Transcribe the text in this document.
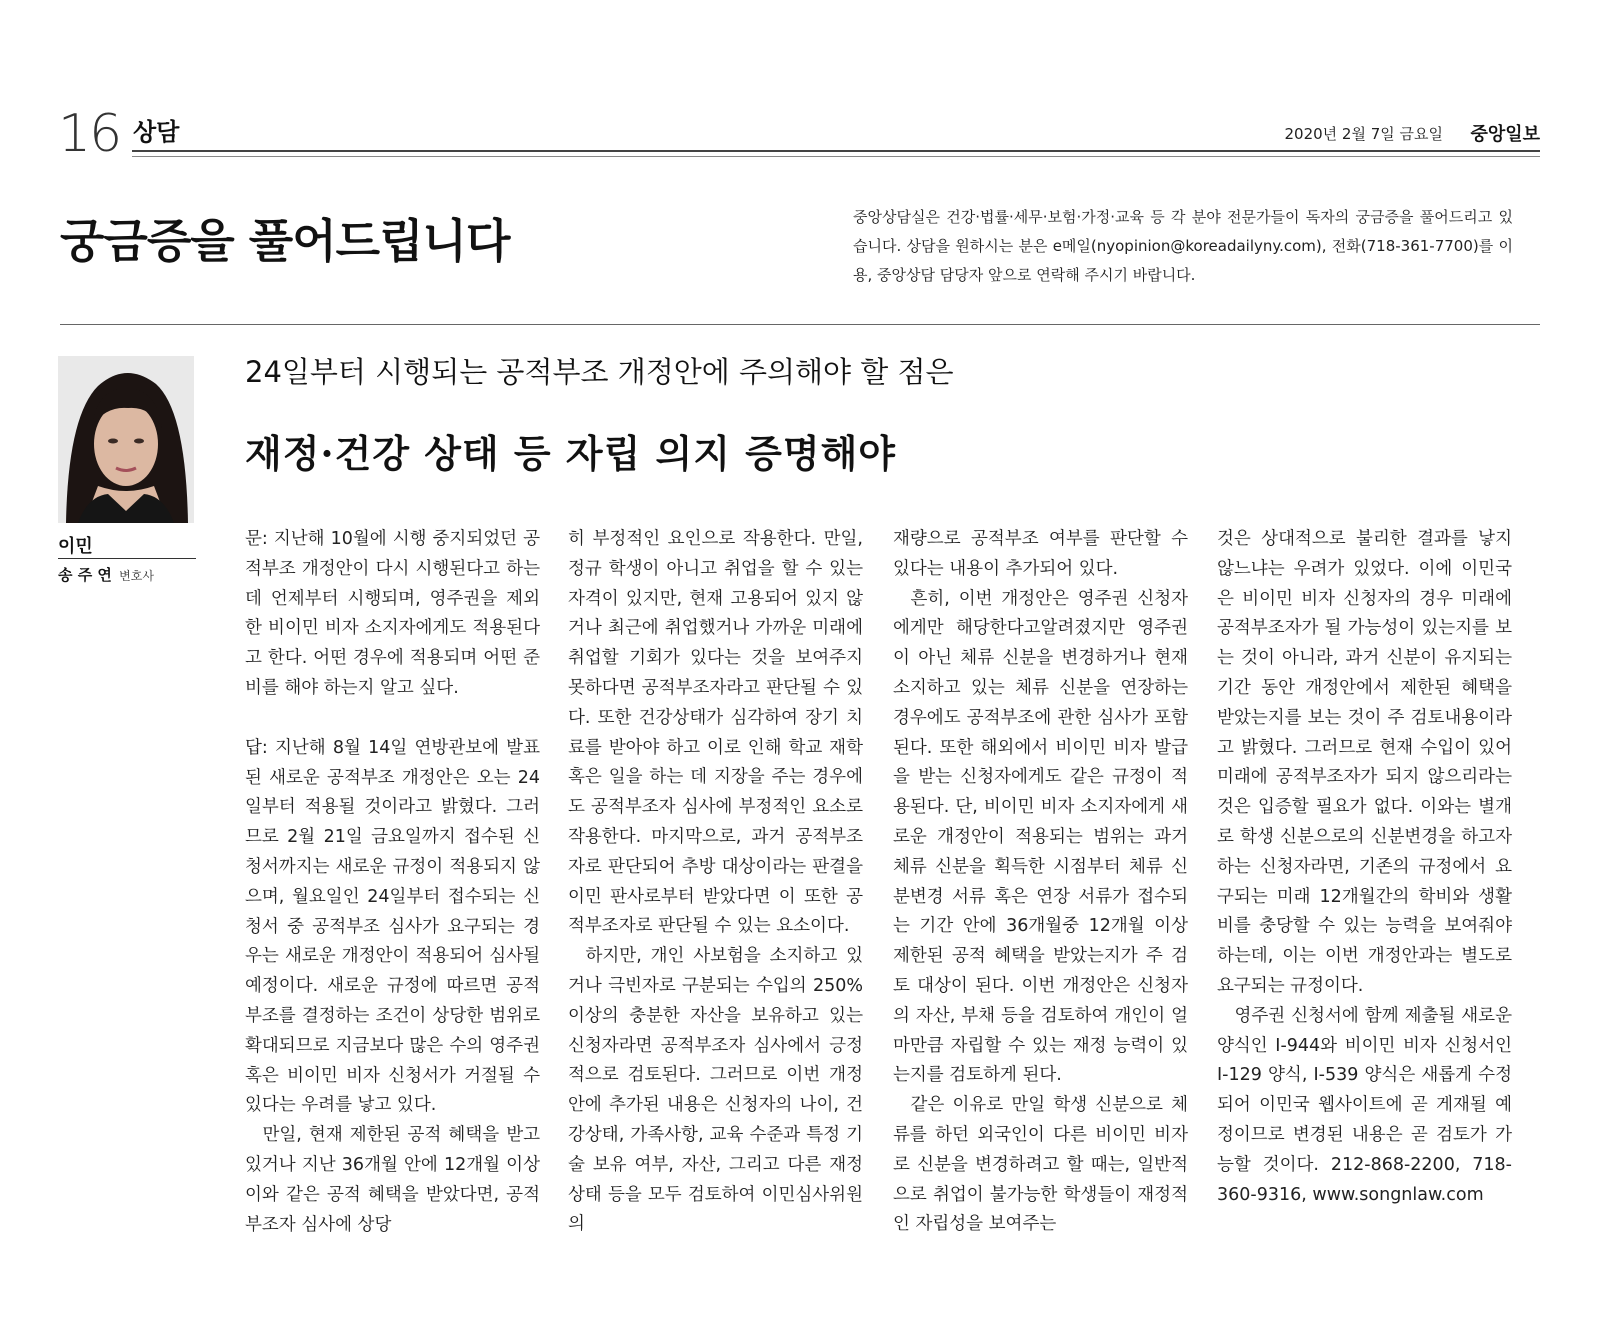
16 상담	2020년 2월 7일 금요일 중앙일보
궁금증을 풀어드립니다	중앙상담실은 건강·법률·세무·보험·가정·교육 등 각 분야 전문가들이 독자의 궁금증을 풀어드리고 있습니다. 상담을 원하시는 분은 e메일(nyopinion@koreadailyny.com), 전화(718-361-7700)를 이용, 중앙상담 담당자 앞으로 연락해 주시기 바랍니다.
이민
송 주 연 변호사
24일부터 시행되는 공적부조 개정안에 주의해야 할 점은
재정·건강 상태 등 자립 의지 증명해야

문: 지난해 10월에 시행 중지되었던 공적부조 개정안이 다시 시행된다고 하는데 언제부터 시행되며, 영주권을 제외한 비이민 비자 소지자에게도 적용된다고 한다. 어떤 경우에 적용되며 어떤 준비를 해야 하는지 알고 싶다.

답: 지난해 8월 14일 연방관보에 발표된 새로운 공적부조 개정안은 오는 24일부터 적용될 것이라고 밝혔다. 그러므로 2월 21일 금요일까지 접수된 신청서까지는 새로운 규정이 적용되지 않으며, 월요일인 24일부터 접수되는 신청서 중 공적부조 심사가 요구되는 경우는 새로운 개정안이 적용되어 심사될 예정이다. 새로운 규정에 따르면 공적부조를 결정하는 조건이 상당한 범위로 확대되므로 지금보다 많은 수의 영주권 혹은 비이민 비자 신청서가 거절될 수 있다는 우려를 낳고 있다.

만일, 현재 제한된 공적 혜택을 받고 있거나 지난 36개월 안에 12개월 이상 이와 같은 공적 혜택을 받았다면, 공적부조자 심사에 상당

히 부정적인 요인으로 작용한다. 만일, 정규 학생이 아니고 취업을 할 수 있는 자격이 있지만, 현재 고용되어 있지 않거나 최근에 취업했거나 가까운 미래에 취업할 기회가 있다는 것을 보여주지 못하다면 공적부조자라고 판단될 수 있다. 또한 건강상태가 심각하여 장기 치료를 받아야 하고 이로 인해 학교 재학 혹은 일을 하는 데 지장을 주는 경우에도 공적부조자 심사에 부정적인 요소로 작용한다. 마지막으로, 과거 공적부조자로 판단되어 추방 대상이라는 판결을 이민 판사로부터 받았다면 이 또한 공적부조자로 판단될 수 있는 요소이다.

하지만, 개인 사보험을 소지하고 있거나 극빈자로 구분되는 수입의 250% 이상의 충분한 자산을 보유하고 있는 신청자라면 공적부조자 심사에서 긍정적으로 검토된다. 그러므로 이번 개정안에 추가된 내용은 신청자의 나이, 건강상태, 가족사항, 교육 수준과 특정 기술 보유 여부, 자산, 그리고 다른 재정 상태 등을 모두 검토하여 이민심사위원의

재량으로 공적부조 여부를 판단할 수 있다는 내용이 추가되어 있다.

흔히, 이번 개정안은 영주권 신청자에게만 해당한다고알려졌지만 영주권이 아닌 체류 신분을 변경하거나 현재 소지하고 있는 체류 신분을 연장하는 경우에도 공적부조에 관한 심사가 포함된다. 또한 해외에서 비이민 비자 발급을 받는 신청자에게도 같은 규정이 적용된다. 단, 비이민 비자 소지자에게 새로운 개정안이 적용되는 범위는 과거 체류 신분을 획득한 시점부터 체류 신분변경 서류 혹은 연장 서류가 접수되는 기간 안에 36개월중 12개월 이상 제한된 공적 혜택을 받았는지가 주 검토 대상이 된다. 이번 개정안은 신청자의 자산, 부채 등을 검토하여 개인이 얼마만큼 자립할 수 있는 재정 능력이 있는지를 검토하게 된다.

같은 이유로 만일 학생 신분으로 체류를 하던 외국인이 다른 비이민 비자로 신분을 변경하려고 할 때는, 일반적으로 취업이 불가능한 학생들이 재정적인 자립성을 보여주는

것은 상대적으로 불리한 결과를 낳지 않느냐는 우려가 있었다. 이에 이민국은 비이민 비자 신청자의 경우 미래에 공적부조자가 될 가능성이 있는지를 보는 것이 아니라, 과거 신분이 유지되는 기간 동안 개정안에서 제한된 혜택을 받았는지를 보는 것이 주 검토내용이라고 밝혔다. 그러므로 현재 수입이 있어 미래에 공적부조자가 되지 않으리라는 것은 입증할 필요가 없다. 이와는 별개로 학생 신분으로의 신분변경을 하고자 하는 신청자라면, 기존의 규정에서 요구되는 미래 12개월간의 학비와 생활비를 충당할 수 있는 능력을 보여줘야 하는데, 이는 이번 개정안과는 별도로 요구되는 규정이다.

영주권 신청서에 함께 제출될 새로운 양식인 I-944와 비이민 비자 신청서인 I-129 양식, I-539 양식은 새롭게 수정되어 이민국 웹사이트에 곧 게재될 예정이므로 변경된 내용은 곧 검토가 가능할 것이다. 212-868-2200, 718-360-9316, www.songnlaw.com
